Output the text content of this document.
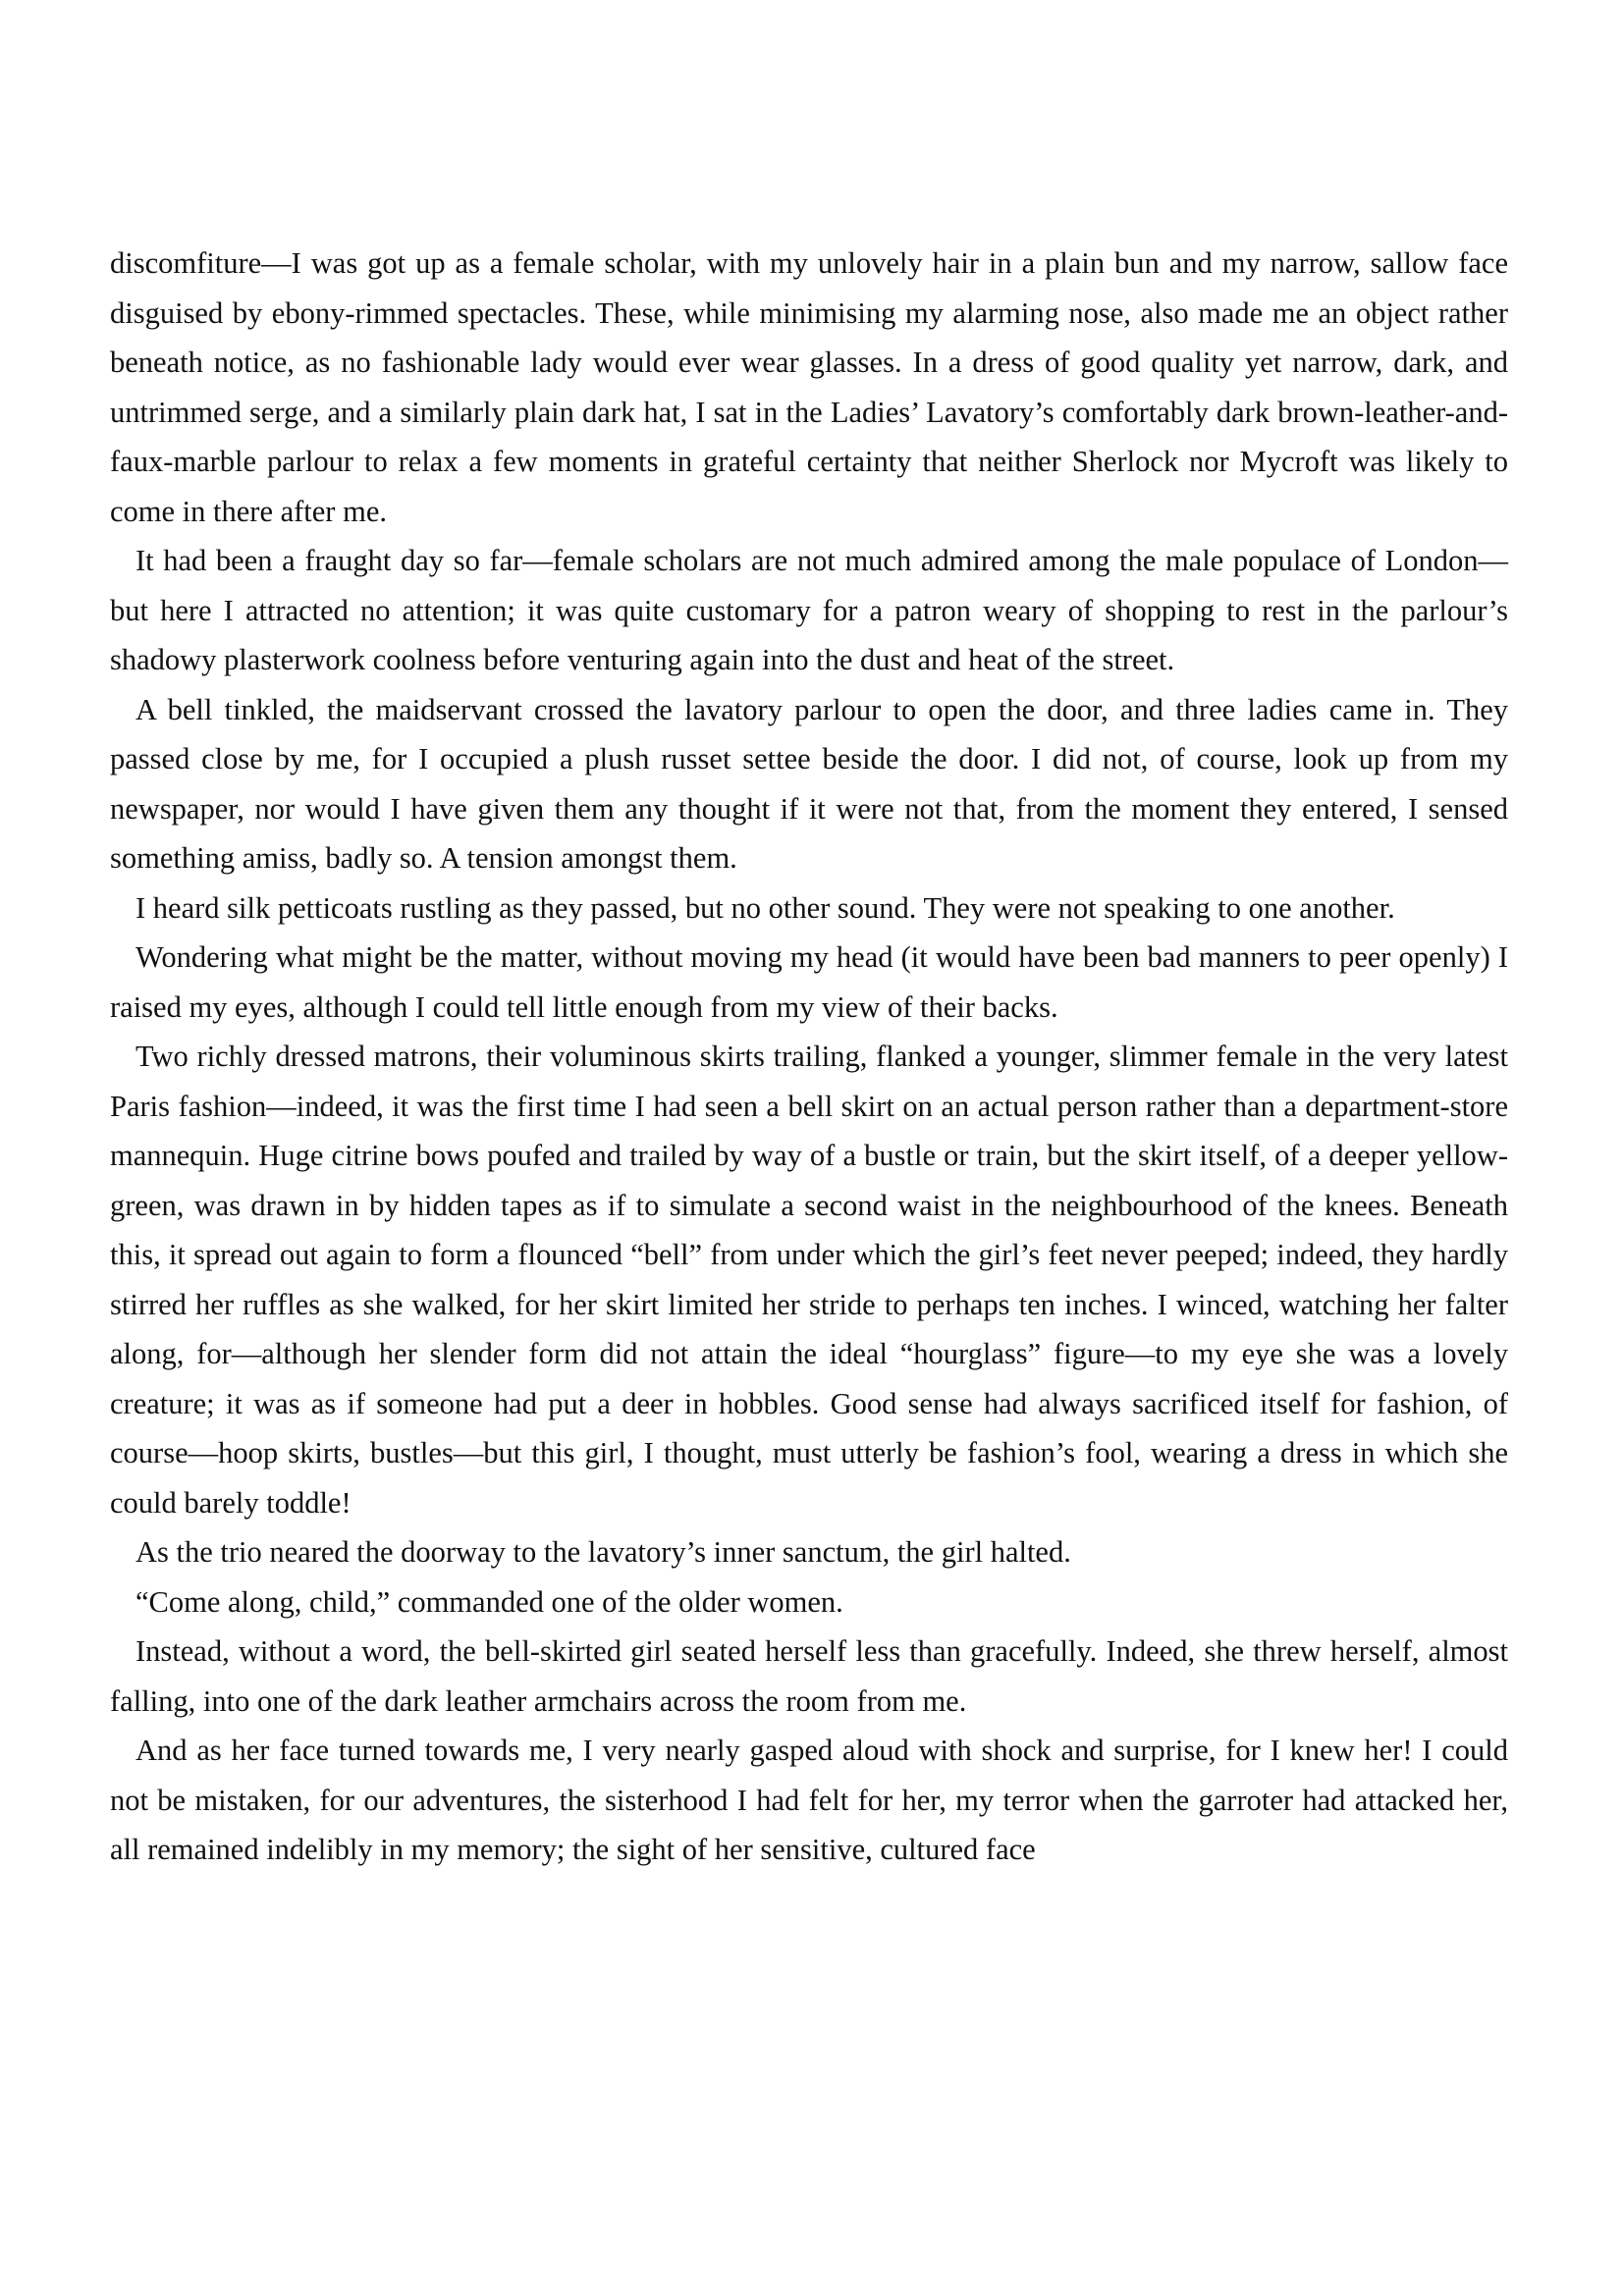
discomfiture—I was got up as a female scholar, with my unlovely hair in a plain bun and my narrow, sallow face disguised by ebony-rimmed spectacles. These, while minimising my alarming nose, also made me an object rather beneath notice, as no fashionable lady would ever wear glasses. In a dress of good quality yet narrow, dark, and untrimmed serge, and a similarly plain dark hat, I sat in the Ladies’ Lavatory’s comfortably dark brown-leather-and-faux-marble parlour to relax a few moments in grateful certainty that neither Sherlock nor Mycroft was likely to come in there after me.

It had been a fraught day so far—female scholars are not much admired among the male populace of London—but here I attracted no attention; it was quite customary for a patron weary of shopping to rest in the parlour’s shadowy plasterwork coolness before venturing again into the dust and heat of the street.

A bell tinkled, the maidservant crossed the lavatory parlour to open the door, and three ladies came in. They passed close by me, for I occupied a plush russet settee beside the door. I did not, of course, look up from my newspaper, nor would I have given them any thought if it were not that, from the moment they entered, I sensed something amiss, badly so. A tension amongst them.

I heard silk petticoats rustling as they passed, but no other sound. They were not speaking to one another.

Wondering what might be the matter, without moving my head (it would have been bad manners to peer openly) I raised my eyes, although I could tell little enough from my view of their backs.

Two richly dressed matrons, their voluminous skirts trailing, flanked a younger, slimmer female in the very latest Paris fashion—indeed, it was the first time I had seen a bell skirt on an actual person rather than a department-store mannequin. Huge citrine bows poufed and trailed by way of a bustle or train, but the skirt itself, of a deeper yellow-green, was drawn in by hidden tapes as if to simulate a second waist in the neighbourhood of the knees. Beneath this, it spread out again to form a flounced “bell” from under which the girl’s feet never peeped; indeed, they hardly stirred her ruffles as she walked, for her skirt limited her stride to perhaps ten inches. I winced, watching her falter along, for—although her slender form did not attain the ideal “hourglass” figure—to my eye she was a lovely creature; it was as if someone had put a deer in hobbles. Good sense had always sacrificed itself for fashion, of course—hoop skirts, bustles—but this girl, I thought, must utterly be fashion’s fool, wearing a dress in which she could barely toddle!

As the trio neared the doorway to the lavatory’s inner sanctum, the girl halted.

“Come along, child,” commanded one of the older women.

Instead, without a word, the bell-skirted girl seated herself less than gracefully. Indeed, she threw herself, almost falling, into one of the dark leather armchairs across the room from me.

And as her face turned towards me, I very nearly gasped aloud with shock and surprise, for I knew her! I could not be mistaken, for our adventures, the sisterhood I had felt for her, my terror when the garroter had attacked her, all remained indelibly in my memory; the sight of her sensitive, cultured face
